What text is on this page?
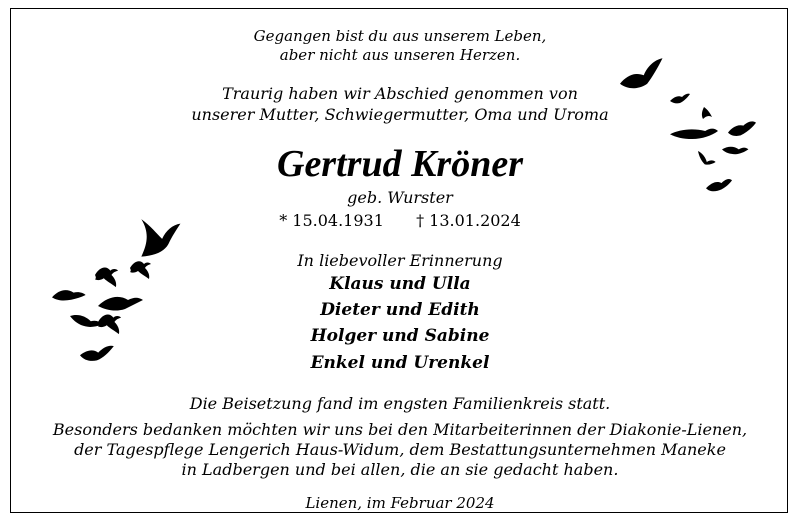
Gegangen bist du aus unserem Leben,
aber nicht aus unseren Herzen.
Traurig haben wir Abschied genommen von
unserer Mutter, Schwiegermutter, Oma und Uroma
Gertrud Kröner
geb. Wurster
* 15.04.1931 † 13.01.2024
In liebevoller Erinnerung
Klaus und Ulla
Dieter und Edith
Holger und Sabine
Enkel und Urenkel
Die Beisetzung fand im engsten Familienkreis statt.
Besonders bedanken möchten wir uns bei den Mitarbeiterinnen der Diakonie-Lienen,
der Tagespflege Lengerich Haus-Widum, dem Bestattungsunternehmen Maneke
in Ladbergen und bei allen, die an sie gedacht haben.
Lienen, im Februar 2024
